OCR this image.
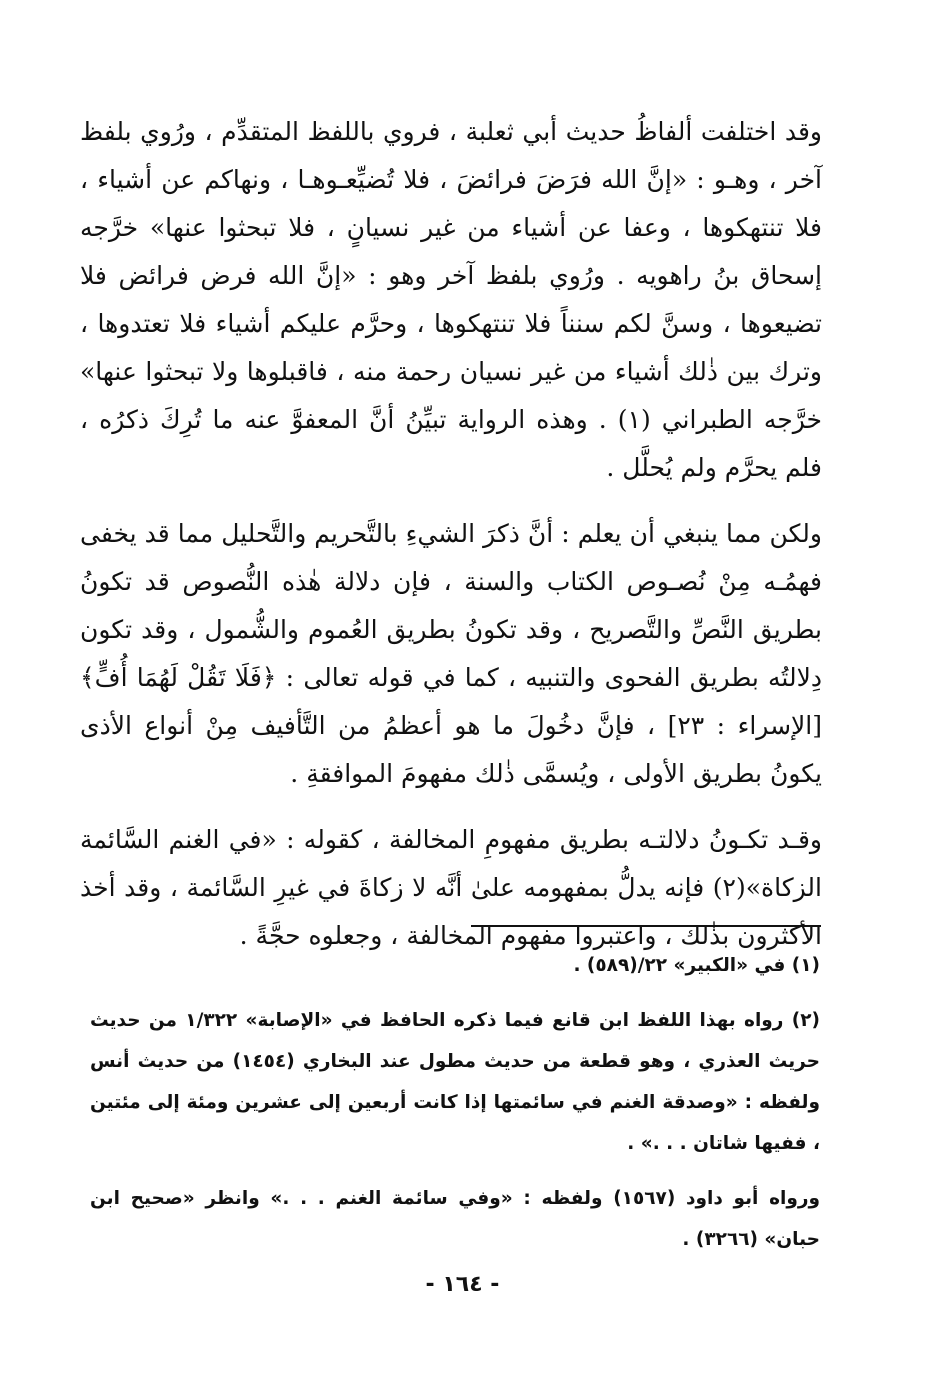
وقد اختلفت ألفاظُ حديث أبي ثعلبة ، فروي باللفظ المتقدِّم ، ورُوي بلفظ آخر ، وهـو : «إنَّ الله فرَضَ فرائضَ ، فلا تُضيِّعـوهـا ، ونهاكم عن أشياء ، فلا تنتهكوها ، وعفا عن أشياء من غير نسيانٍ ، فلا تبحثوا عنها» خرَّجه إسحاق بنُ راهويه . ورُوي بلفظ آخر وهو : «إنَّ الله فرض فرائض فلا تضيعوها ، وسنَّ لكم سنناً فلا تنتهكوها ، وحرَّم عليكم أشياء فلا تعتدوها ، وترك بين ذٰلك أشياء من غير نسيان رحمة منه ، فاقبلوها ولا تبحثوا عنها» خرَّجه الطبراني (١) . وهذه الرواية تبيِّنُ أنَّ المعفوَّ عنه ما تُرِكَ ذكرُه ، فلم يحرَّم ولم يُحلَّل .

ولكن مما ينبغي أن يعلم : أنَّ ذكرَ الشيءِ بالتَّحريم والتَّحليل مما قد يخفى فهمُـه مِنْ نُصـوص الكتاب والسنة ، فإن دلالة هٰذه النُّصوص قد تكونُ بطريق النَّصِّ والتَّصريح ، وقد تكونُ بطريق العُموم والشُّمول ، وقد تكون دِلالتُه بطريق الفحوى والتنبيه ، كما في قوله تعالى : ﴿فَلَا تَقُلْ لَهُمَا أُفٍّ﴾ [الإسراء : ٢٣] ، فإنَّ دخُولَ ما هو أعظمُ من التَّأفيف مِنْ أنواع الأذى يكونُ بطريق الأولى ، ويُسمَّى ذٰلك مفهومَ الموافقةِ .

وقـد تكـونُ دلالتـه بطريق مفهومِ المخالفة ، كقوله : «في الغنم السَّائمة الزكاة»(٢) فإنه يدلُّ بمفهومه علىٰ أنَّه لا زكاةَ في غيرِ السَّائمة ، وقد أخذ الأكثرون بذٰلك ، واعتبروا مفهوم المخالفة ، وجعلوه حجَّةً .

(١) في «الكبير» ٢٢/(٥٨٩) .

(٢) رواه بهذا اللفظ ابن قانع فيما ذكره الحافظ في «الإصابة» ١/٣٢٢ من حديث حريث العذري ، وهو قطعة من حديث مطول عند البخاري (١٤٥٤) من حديث أنس ولفظه : «وصدقة الغنم في سائمتها إذا كانت أربعين إلى عشرين ومئة إلى مئتين ، ففيها شاتان . . .» .

ورواه أبو داود (١٥٦٧) ولفظه : «وفي سائمة الغنم . . .» وانظر «صحيح ابن حبان» (٣٢٦٦) .

- ١٦٤ -
